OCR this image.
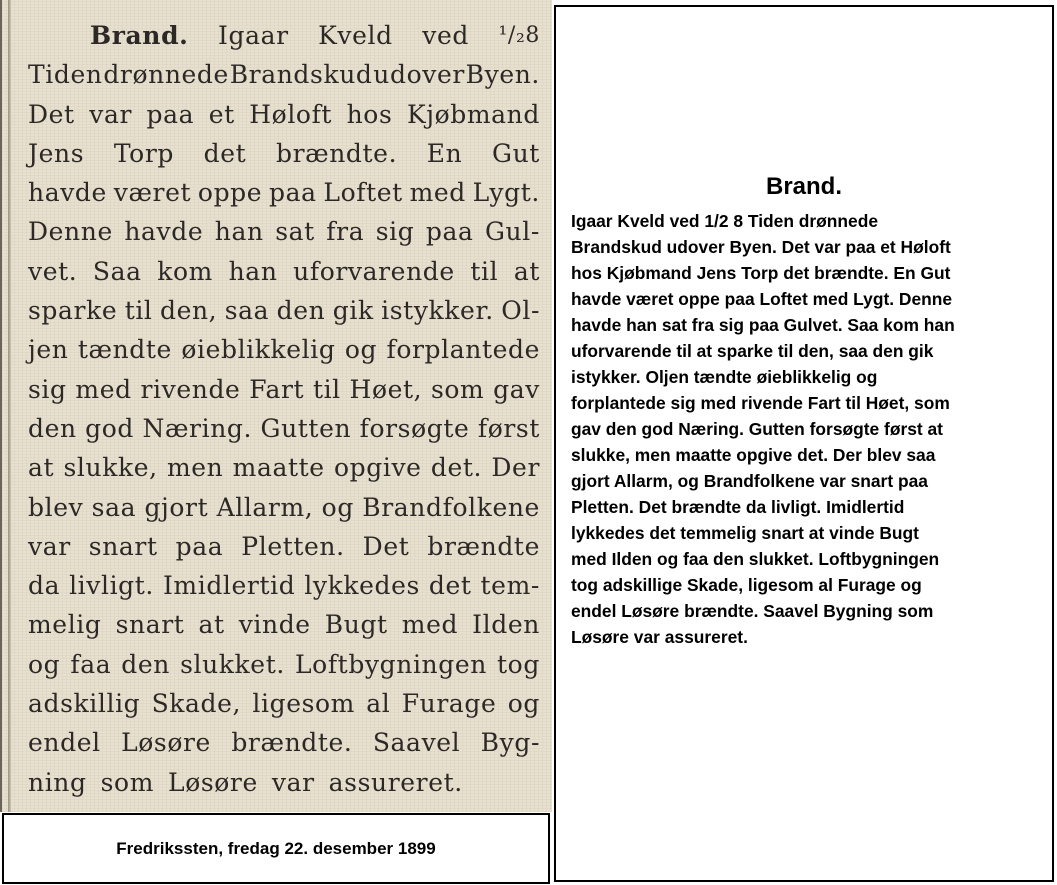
Brand. Igaar Kveld ved ¹/₂8
Tiden drønnede Brandskud udover Byen.
Det var paa et Høloft hos Kjøbmand
Jens Torp det brændte. En Gut
havde været oppe paa Loftet med Lygt.
Denne havde han sat fra sig paa Gul-
vet. Saa kom han uforvarende til at
sparke til den, saa den gik istykker. Ol-
jen tændte øieblikkelig og forplantede
sig med rivende Fart til Høet, som gav
den god Næring. Gutten forsøgte først
at slukke, men maatte opgive det. Der
blev saa gjort Allarm, og Brandfolkene
var snart paa Pletten. Det brændte
da livligt. Imidlertid lykkedes det tem-
melig snart at vinde Bugt med Ilden
og faa den slukket. Loftbygningen tog
adskillig Skade, ligesom al Furage og
endel Løsøre brændte. Saavel Byg-
ning som Løsøre var assureret.
Fredrikssten, fredag 22. desember 1899
Brand.
Igaar Kveld ved 1/2 8 Tiden drønnede
Brandskud udover Byen. Det var paa et Høloft
hos Kjøbmand Jens Torp det brændte. En Gut
havde været oppe paa Loftet med Lygt. Denne
havde han sat fra sig paa Gulvet. Saa kom han
uforvarende til at sparke til den, saa den gik
istykker. Oljen tændte øieblikkelig og
forplantede sig med rivende Fart til Høet, som
gav den god Næring. Gutten forsøgte først at
slukke, men maatte opgive det. Der blev saa
gjort Allarm, og Brandfolkene var snart paa
Pletten. Det brændte da livligt. Imidlertid
lykkedes det temmelig snart at vinde Bugt
med Ilden og faa den slukket. Loftbygningen
tog adskillige Skade, ligesom al Furage og
endel Løsøre brændte. Saavel Bygning som
Løsøre var assureret.
